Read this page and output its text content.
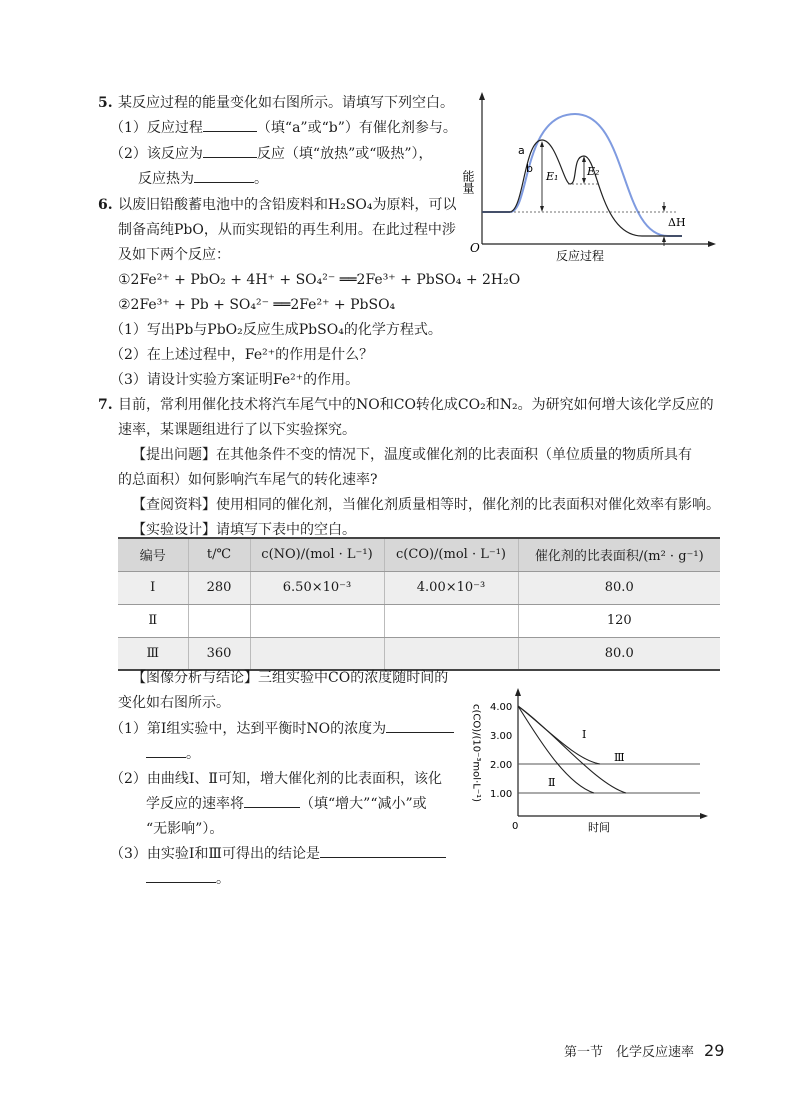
5. 某反应过程的能量变化如右图所示。请填写下列空白。
（1）反应过程	（填“a”或“b”）有催化剂参与。
（2）该反应为	反应（填“放热”或“吸热”），
反应热为	。	能量
反应过程
O
a
b
E₁	E₂
ΔH
6. 以废旧铅酸蓄电池中的含铅废料和H₂SO₄为原料，可以
制备高纯PbO，从而实现铅的再生利用。在此过程中涉
及如下两个反应：
①2Fe²⁺ + PbO₂ + 4H⁺ + SO₄²⁻ ══2Fe³⁺ + PbSO₄ + 2H₂O
②2Fe³⁺ + Pb + SO₄²⁻ ══2Fe²⁺ + PbSO₄
（1）写出Pb与PbO₂反应生成PbSO₄的化学方程式。
（2）在上述过程中，Fe²⁺的作用是什么？
（3）请设计实验方案证明Fe²⁺的作用。
7. 目前，常利用催化技术将汽车尾气中的NO和CO转化成CO₂和N₂。为研究如何增大该化学反应的
速率，某课题组进行了以下实验探究。
【提出问题】在其他条件不变的情况下，温度或催化剂的比表面积（单位质量的物质所具有
的总面积）如何影响汽车尾气的转化速率?
【查阅资料】使用相同的催化剂，当催化剂质量相等时，催化剂的比表面积对催化效率有影响。
【实验设计】请填写下表中的空白。
编号	t/℃	c(NO)/(mol · L⁻¹)	c(CO)/(mol · L⁻¹)	催化剂的比表面积/(m² · g⁻¹)
Ⅰ	280	6.50×10⁻³	4.00×10⁻³	80.0
Ⅱ				120
Ⅲ	360			80.0
【图像分析与结论】三组实验中CO的浓度随时间的
变化如右图所示。
（1）第Ⅰ组实验中，达到平衡时NO的浓度为
。
（2）由曲线Ⅰ、Ⅱ可知，增大催化剂的比表面积，该化
学反应的速率将	（填“增大”“减小”或
“无影响”）。
（3）由实验Ⅰ和Ⅲ可得出的结论是
。
c(CO)/(10⁻³mol·L⁻¹) 4.00
3.00
2.00
1.00
0	时间
Ⅰ
Ⅱ
Ⅲ
第一节　化学反应速率 29
